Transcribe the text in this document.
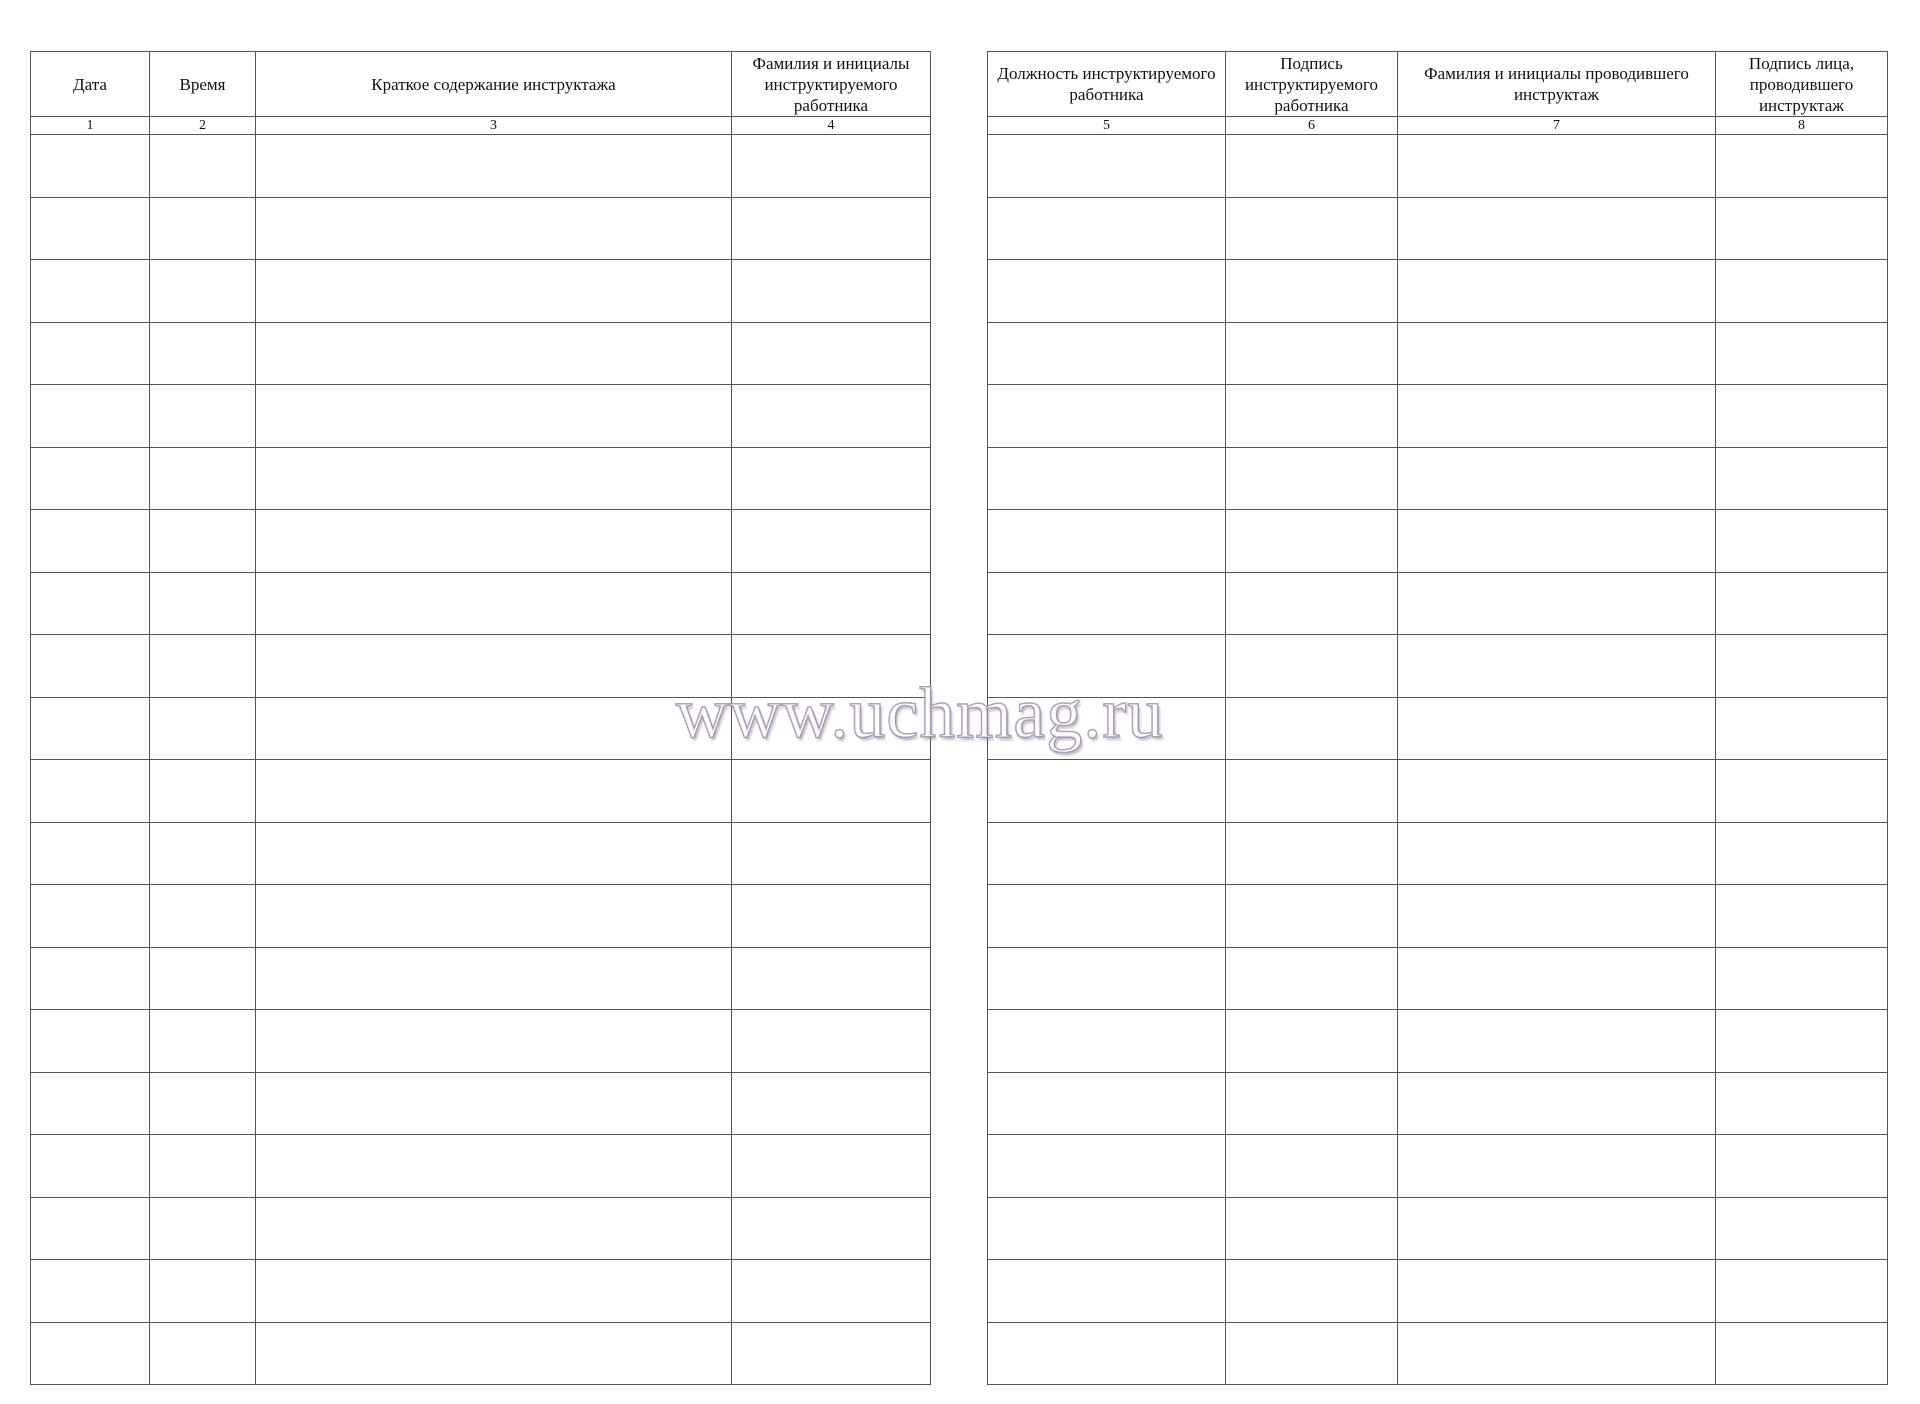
Дата	Время	Краткое содержание инструктажа	Фамилия и инициалы инструктируемого работника
1	2	3	4

Должность инструктируемого работника	Подпись инструктируемого работника	Фамилия и инициалы проводившего инструктаж	Подпись лица, проводившего инструктаж
5	6	7	8

www.uchmag.ru
